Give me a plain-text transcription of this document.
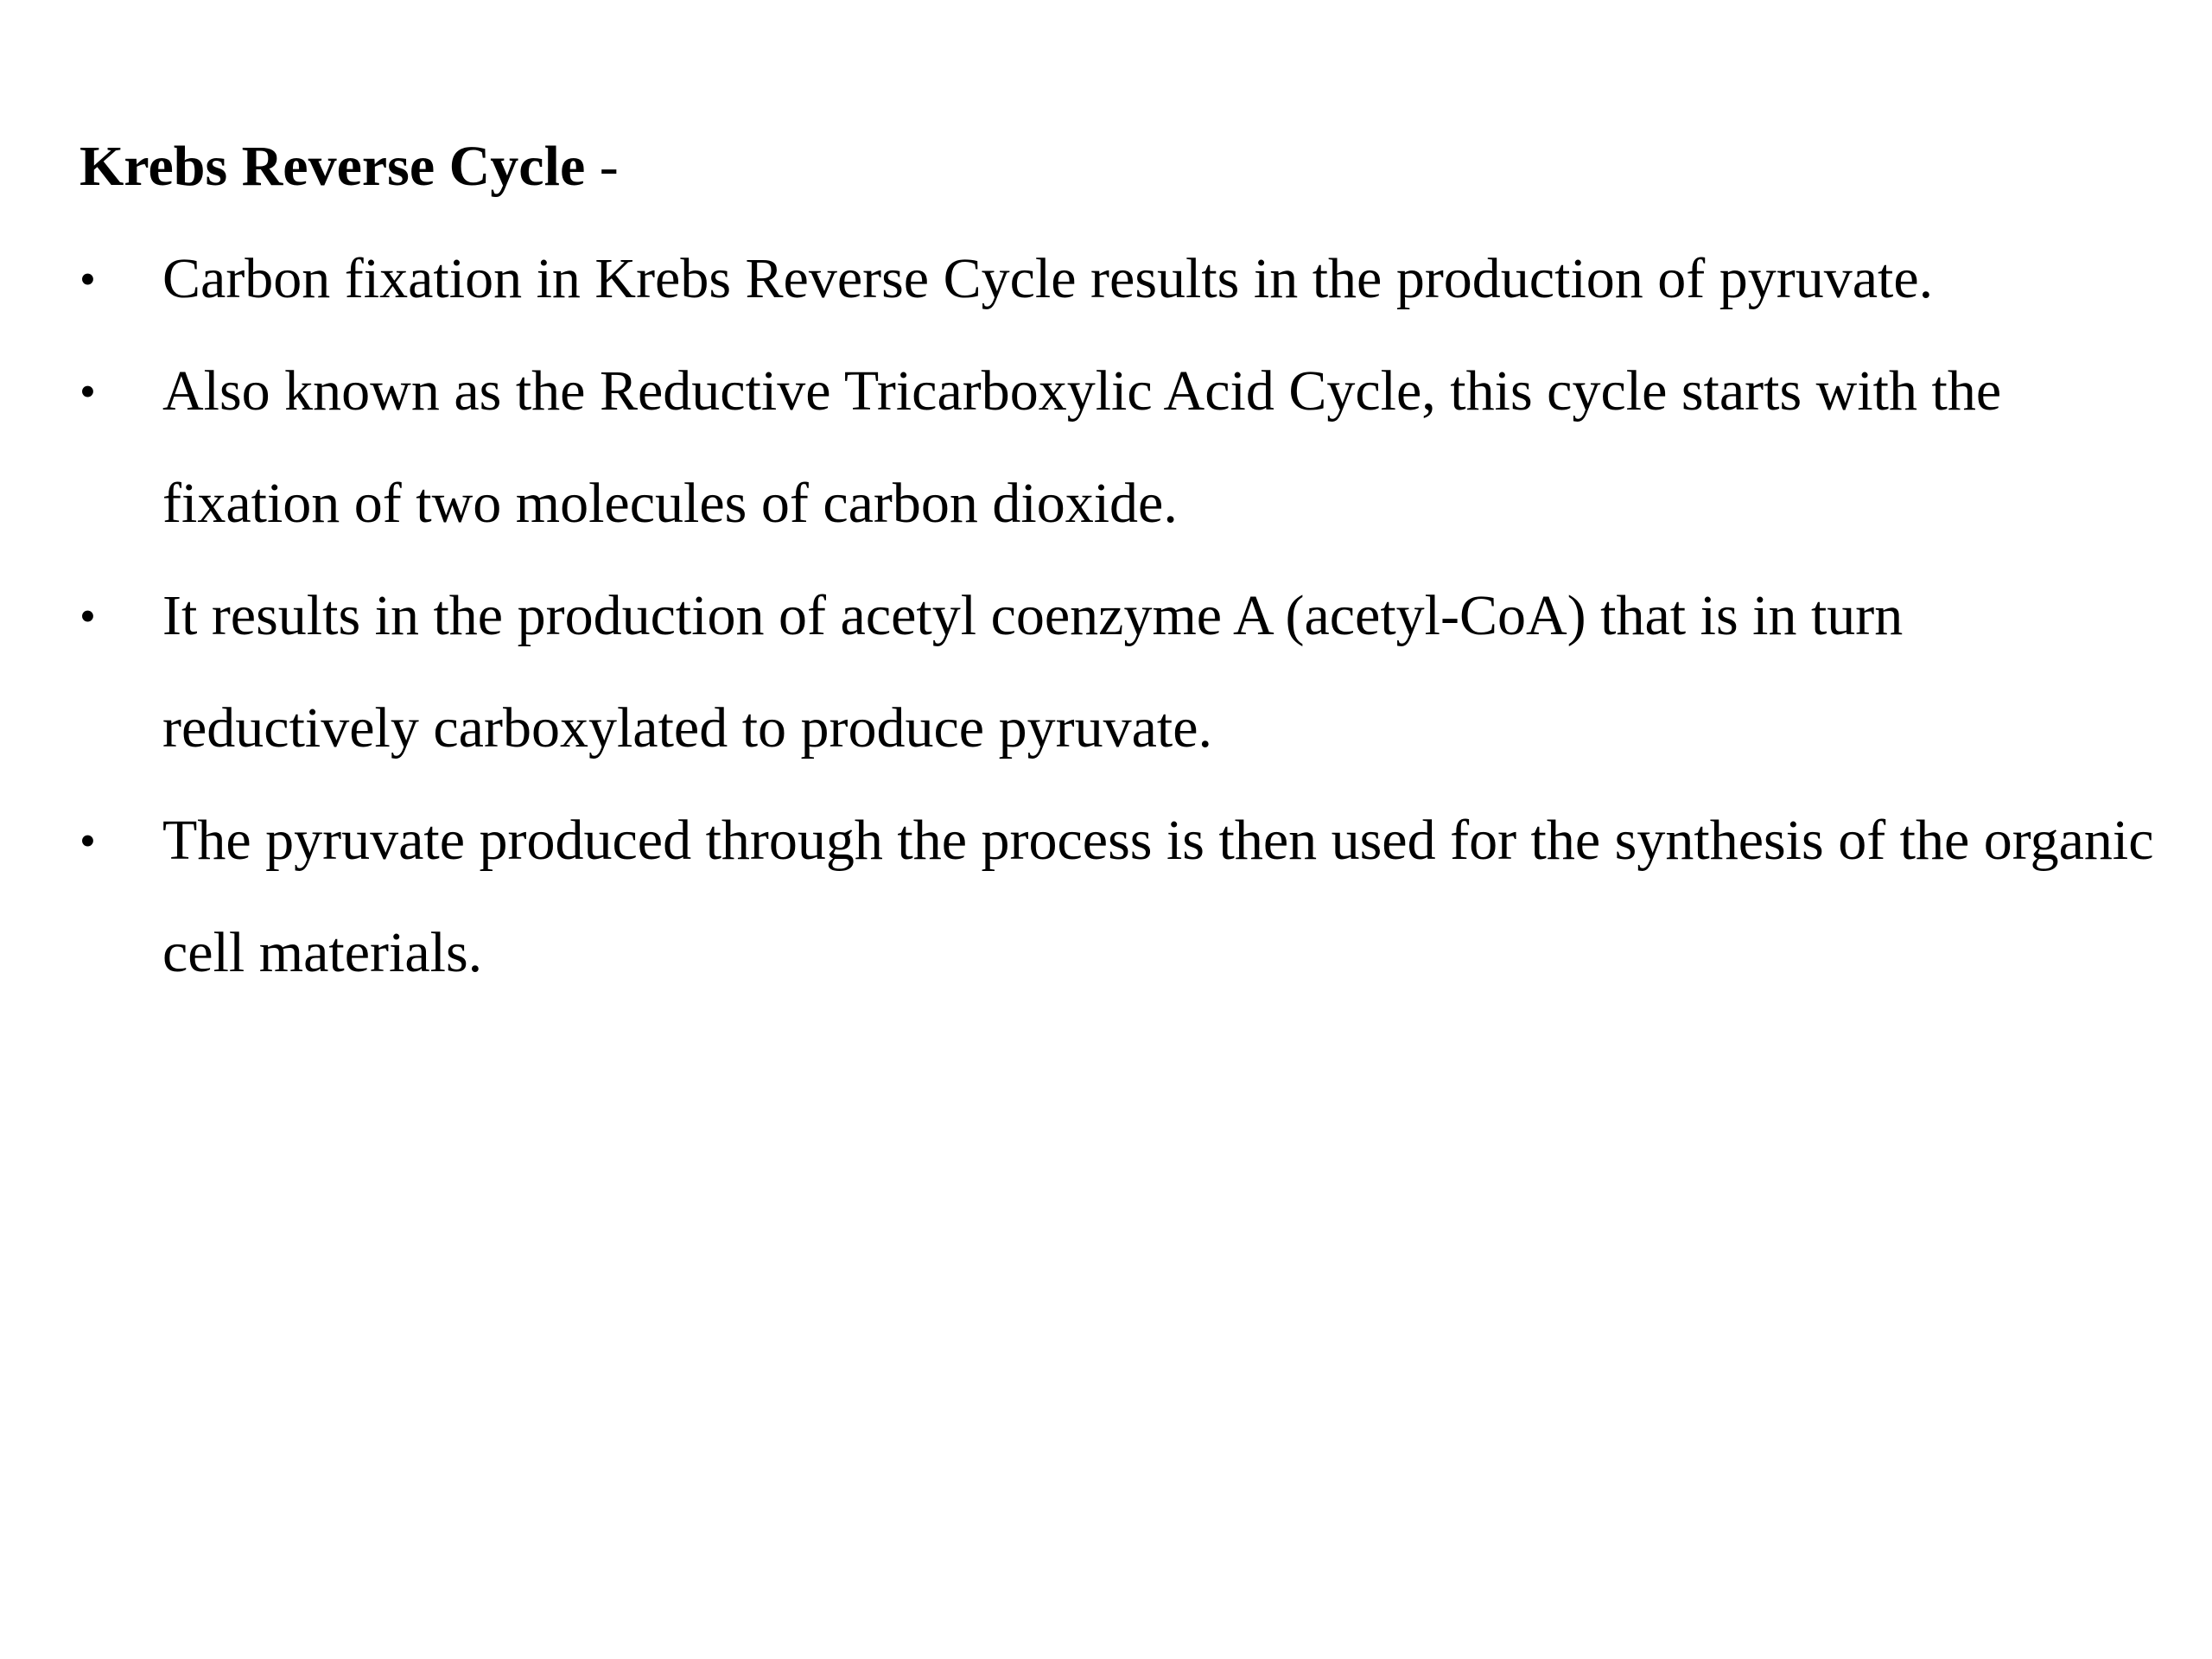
Krebs Reverse Cycle -

•	Carbon fixation in Krebs Reverse Cycle results in the production of pyruvate.
•	Also known as the Reductive Tricarboxylic Acid Cycle, this cycle starts with the fixation of two molecules of carbon dioxide.
•	It results in the production of acetyl coenzyme A (acetyl-CoA) that is in turn reductively carboxylated to produce pyruvate.
•	The pyruvate produced through the process is then used for the synthesis of the organic cell materials.
